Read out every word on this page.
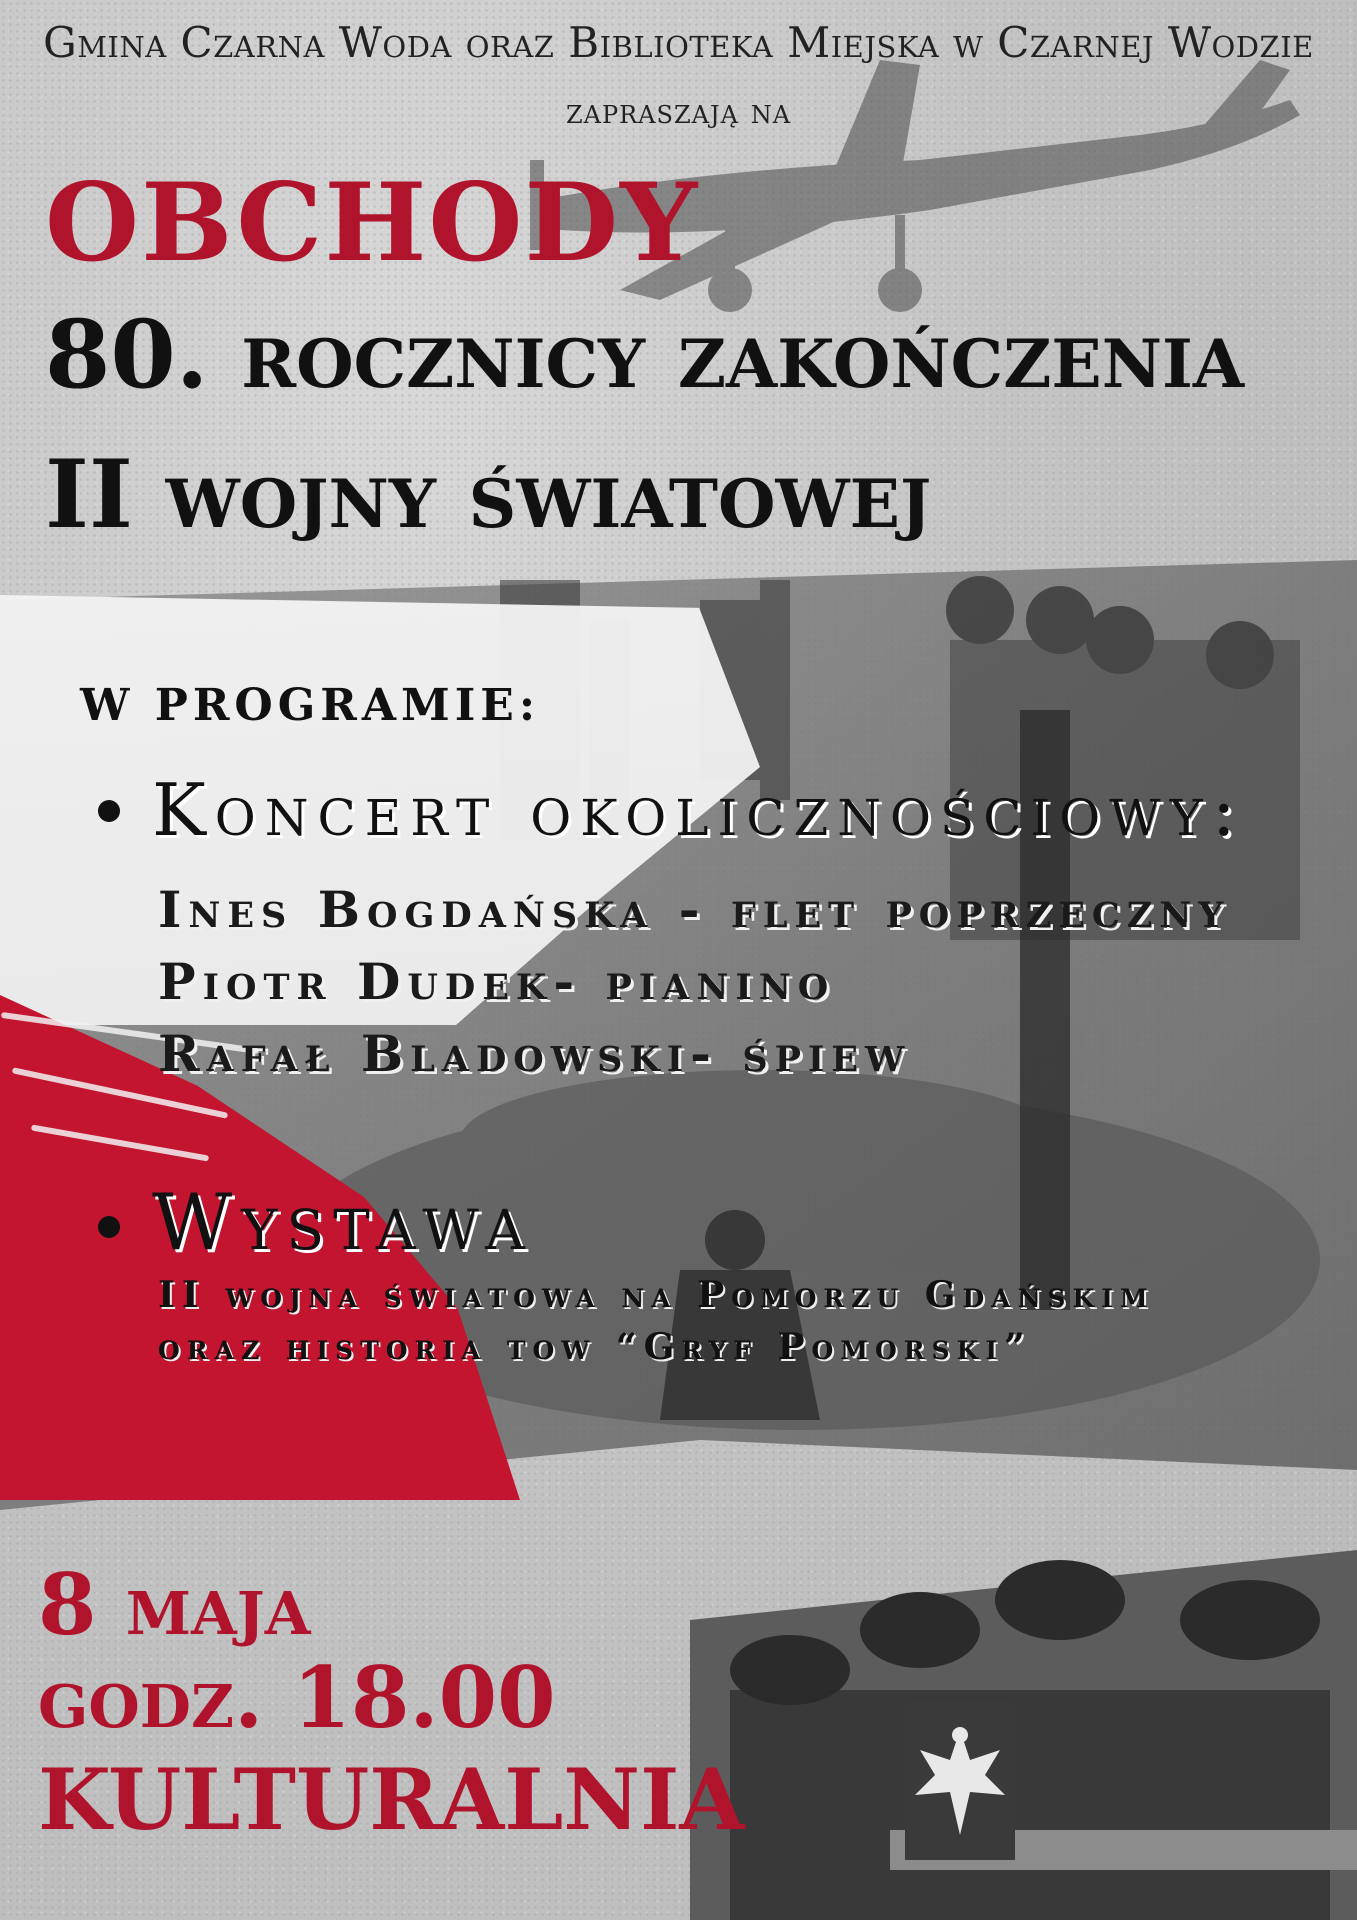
Gmina Czarna Woda oraz Biblioteka Miejska w Czarnej Wodzie

zapraszają na

OBCHODY

80. rocznicy zakończenia

II wojny światowej

W PROGRAMIE:

Koncert okolicznościowy:

Ines Bogdańska - flet poprzeczny

Piotr Dudek- pianino

Rafał Bladowski- śpiew

Wystawa

II wojna światowa na Pomorzu Gdańskim

oraz historia tow “Gryf Pomorski”

8 maja

godz. 18.00

KULTURALNIA
